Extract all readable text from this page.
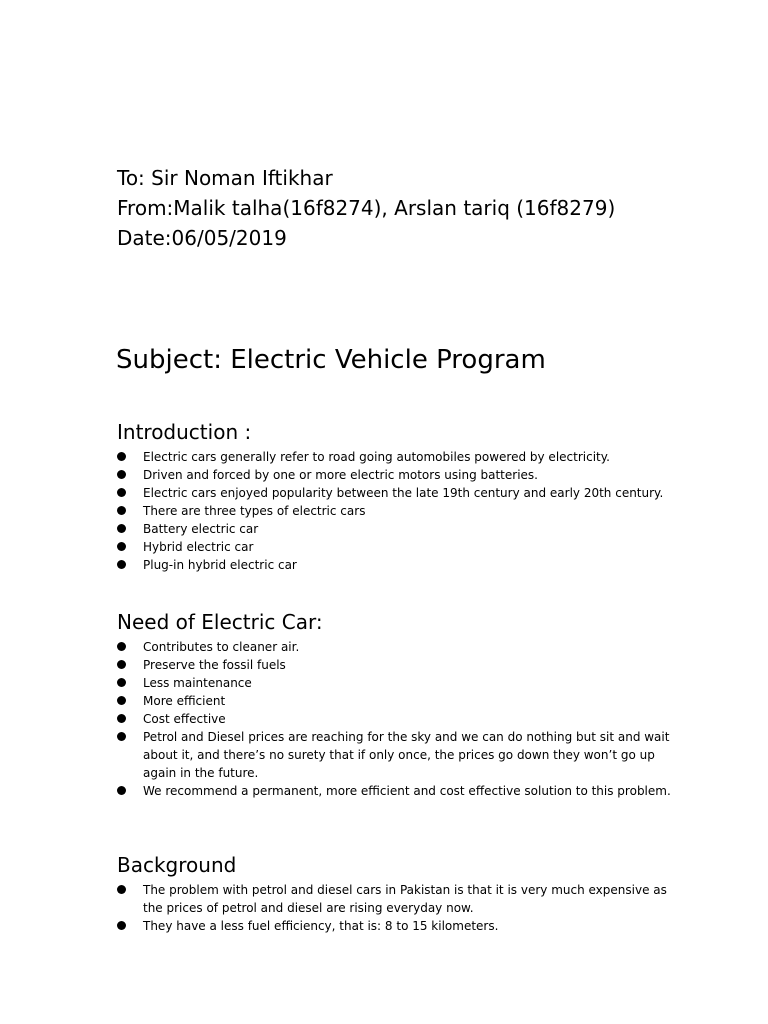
To: Sir Noman Iftikhar
From:Malik talha(16f8274), Arslan tariq (16f8279)
Date:06/05/2019
Subject: Electric Vehicle Program
Introduction :
Electric cars generally refer to road going automobiles powered by electricity.
Driven and forced by one or more electric motors using batteries.
Electric cars enjoyed popularity between the late 19th century and early 20th century.
There are three types of electric cars
Battery electric car
Hybrid electric car
Plug-in hybrid electric car
Need of Electric Car:
Contributes to cleaner air.
Preserve the fossil fuels
Less maintenance
More efficient
Cost effective
Petrol and Diesel prices are reaching for the sky and we can do nothing but sit and wait about it, and there’s no surety that if only once, the prices go down they won’t go up again in the future.
We recommend a permanent, more efficient and cost effective solution to this problem.
Background
The problem with petrol and diesel cars in Pakistan is that it is very much expensive as the prices of petrol and diesel are rising everyday now.
They have a less fuel efficiency, that is: 8 to 15 kilometers.
